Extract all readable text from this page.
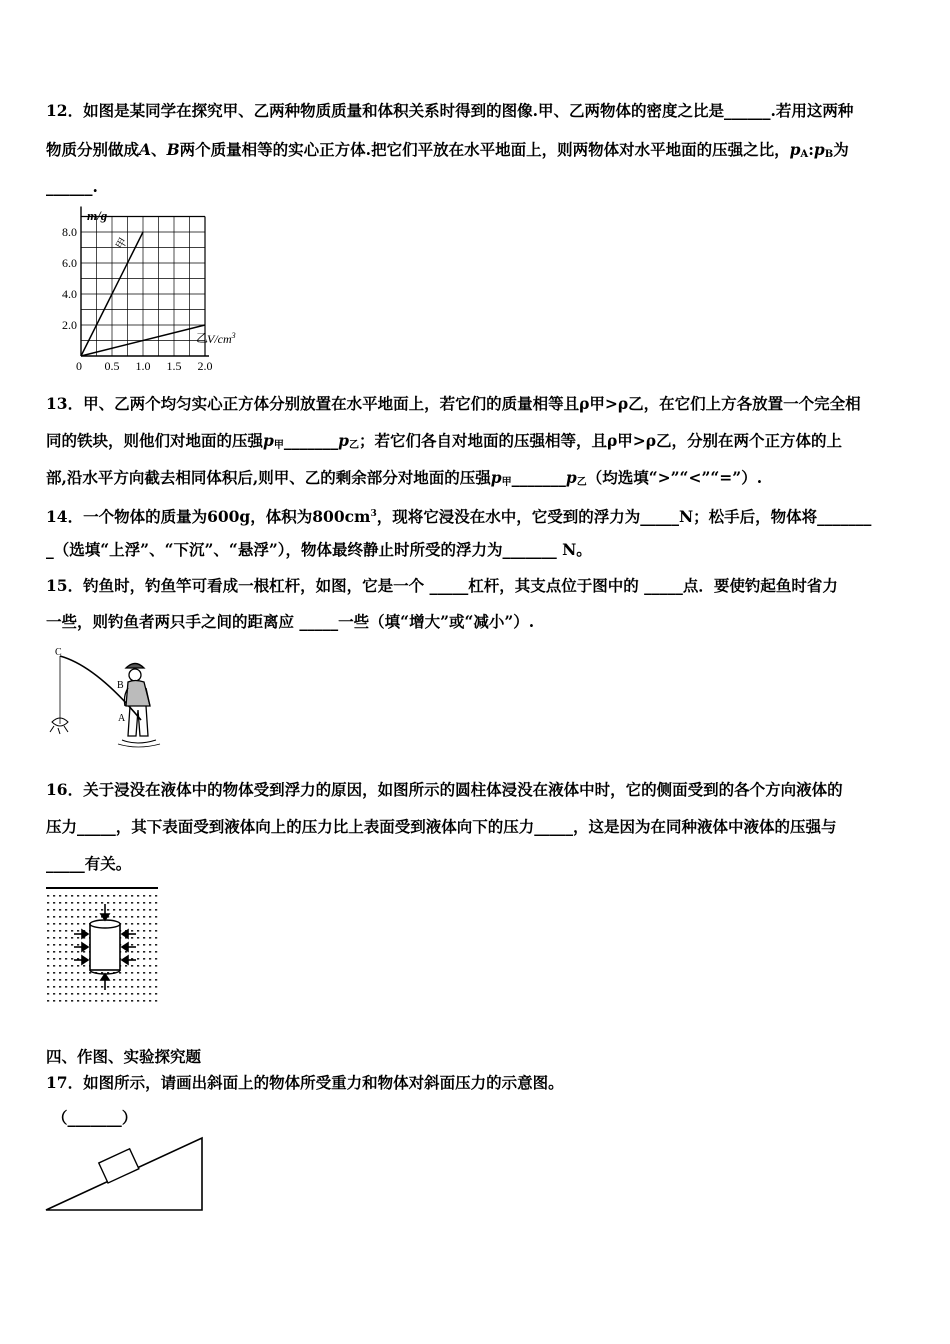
12．如图是某同学在探究甲、乙两种物质质量和体积关系时得到的图像.甲、乙两物体的密度之比是______.若用这两种
物质分别做成A、B两个质量相等的实心正方体.把它们平放在水平地面上，则两物体对水平地面的压强之比，$p_A:p_B$为
______.
2.0
4.0
6.0
8.0
0 0.5 1.0 1.5 2.0
m/g
$V/cm^3$
甲
乙
13．甲、乙两个均匀实心正方体分别放置在水平地面上，若它们的质量相等且ρ甲>ρ乙，在它们上方各放置一个完全相
同的铁块，则他们对地面的压强$p_甲\_\_\_\_\_\_\_p_乙$；若它们各自对地面的压强相等，且ρ甲>ρ乙，分别在两个正方体的上
部,沿水平方向截去相同体积后,则甲、乙的剩余部分对地面的压强$p_甲\_\_\_\_\_\_\_p_乙$（均选填“>”“<”“=”）.
14．一个物体的质量为600g，体积为$800cm^3$，现将它浸没在水中，它受到的浮力为_____N；松手后，物体将_______
_（选填“上浮”、“下沉”、“悬浮”），物体最终静止时所受的浮力为_______ N。
15．钓鱼时，钓鱼竿可看成一根杠杆，如图，它是一个 _____杠杆，其支点位于图中的 _____点．要使钓起鱼时省力
一些，则钓鱼者两只手之间的距离应 _____一些（填“增大”或“减小”）.
C
B
A
16．关于浸没在液体中的物体受到浮力的原因，如图所示的圆柱体浸没在液体中时，它的侧面受到的各个方向液体的
压力_____，其下表面受到液体向上的压力比上表面受到液体向下的压力_____，这是因为在同种液体中液体的压强与
_____有关。
四、作图、实验探究题
17．如图所示，请画出斜面上的物体所受重力和物体对斜面压力的示意图。
（_______）
